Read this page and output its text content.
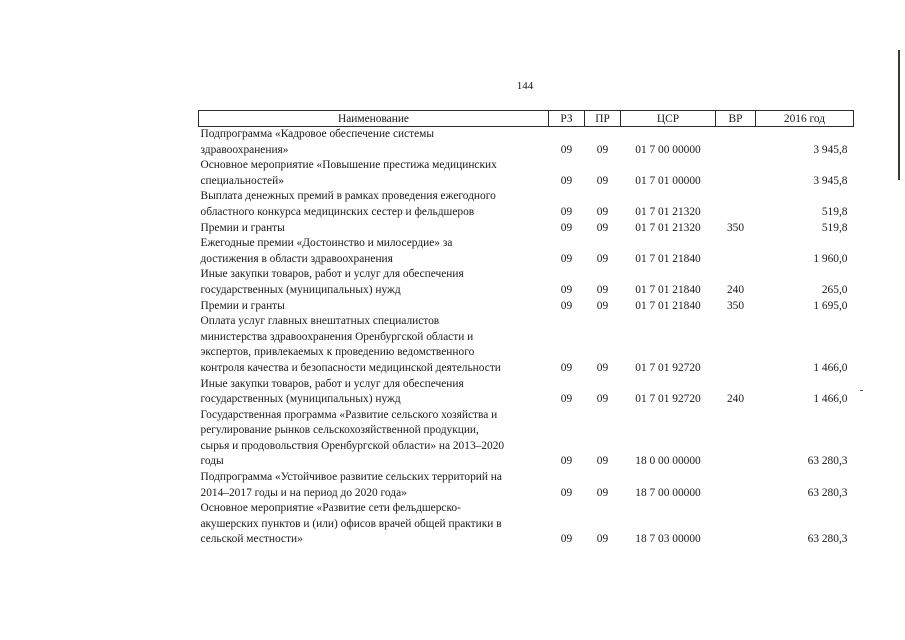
144
Наименование	РЗ	ПР	ЦСР	ВР	2016 год

Подпрограмма «Кадровое обеспечение системы
здравоохранения»	09	09	01 7 00 00000		3 945,8

Основное мероприятие «Повышение престижа медицинских
специальностей»	09	09	01 7 01 00000		3 945,8

Выплата денежных премий в рамках проведения ежегодного
областного конкурса медицинских сестер и фельдшеров	09	09	01 7 01 21320		519,8

Премии и гранты	09	09	01 7 01 21320	350	519,8

Ежегодные премии «Достоинство и милосердие» за
достижения в области здравоохранения	09	09	01 7 01 21840		1 960,0

Иные закупки товаров, работ и услуг для обеспечения
государственных (муниципальных) нужд	09	09	01 7 01 21840	240	265,0

Премии и гранты	09	09	01 7 01 21840	350	1 695,0

Оплата услуг главных внештатных специалистов
министерства здравоохранения Оренбургской области и
экспертов, привлекаемых к проведению ведомственного
контроля качества и безопасности медицинской деятельности	09	09	01 7 01 92720		1 466,0

Иные закупки товаров, работ и услуг для обеспечения
государственных (муниципальных) нужд	09	09	01 7 01 92720	240	1 466,0

Государственная программа «Развитие сельского хозяйства и
регулирование рынков сельскохозяйственной продукции,
сырья и продовольствия Оренбургской области» на 2013–2020
годы	09	09	18 0 00 00000		63 280,3

Подпрограмма «Устойчивое развитие сельских территорий на
2014–2017 годы и на период до 2020 года»	09	09	18 7 00 00000		63 280,3

Основное мероприятие «Развитие сети фельдшерско-
акушерских пунктов и (или) офисов врачей общей практики в
сельской местности»	09	09	18 7 03 00000		63 280,3
